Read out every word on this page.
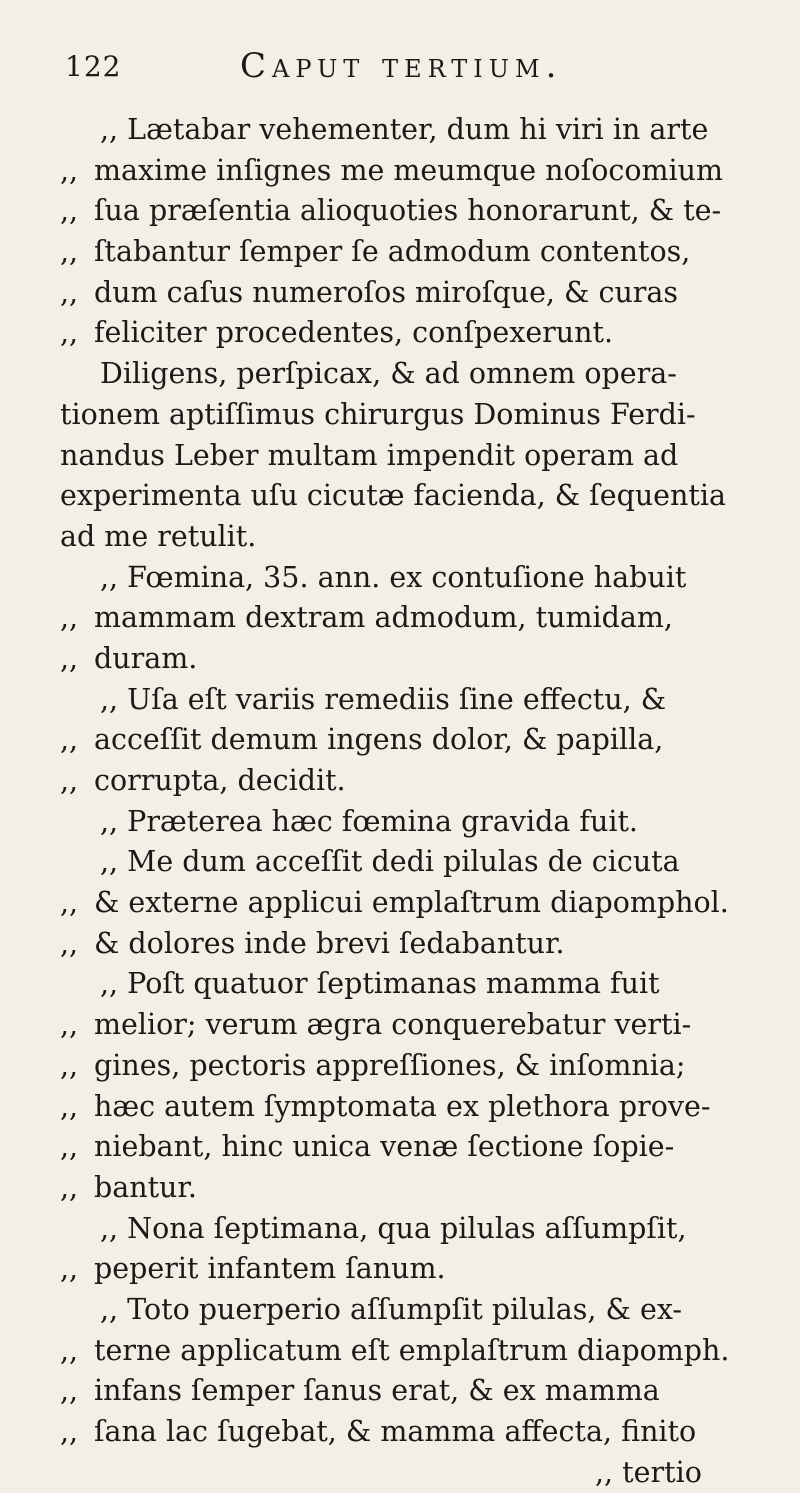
122	Caput tertium.
,, Lætabar vehementer, dum hi viri in arte
,, maxime inſignes me meumque noſocomium
,, ſua præſentia alioquoties honorarunt, & te-
,, ſtabantur ſemper ſe admodum contentos,
,, dum caſus numeroſos miroſque, & curas
,, feliciter procedentes, conſpexerunt.
Diligens, perſpicax, & ad omnem opera-
tionem aptiſſimus chirurgus Dominus Ferdi-
nandus Leber multam impendit operam ad
experimenta uſu cicutæ facienda, & ſequentia
ad me retulit.
,, Fœmina, 35. ann. ex contuſione habuit
,, mammam dextram admodum, tumidam,
,, duram.
,, Uſa eſt variis remediis ſine effectu, &
,, acceſſit demum ingens dolor, & papilla,
,, corrupta, decidit.
,, Præterea hæc fœmina gravida fuit.
,, Me dum acceſſit dedi pilulas de cicuta
,, & externe applicui emplaſtrum diapomphol.
,, & dolores inde brevi ſedabantur.
,, Poſt quatuor ſeptimanas mamma fuit
,, melior; verum ægra conquerebatur verti-
,, gines, pectoris appreſſiones, & inſomnia;
,, hæc autem ſymptomata ex plethora prove-
,, niebant, hinc unica venæ ſectione ſopie-
,, bantur.
,, Nona ſeptimana, qua pilulas aſſumpſit,
,, peperit infantem ſanum.
,, Toto puerperio aſſumpſit pilulas, & ex-
,, terne applicatum eſt emplaſtrum diapomph.
,, infans ſemper ſanus erat, & ex mamma
,, ſana lac ſugebat, & mamma affecta, finito
,, tertio
